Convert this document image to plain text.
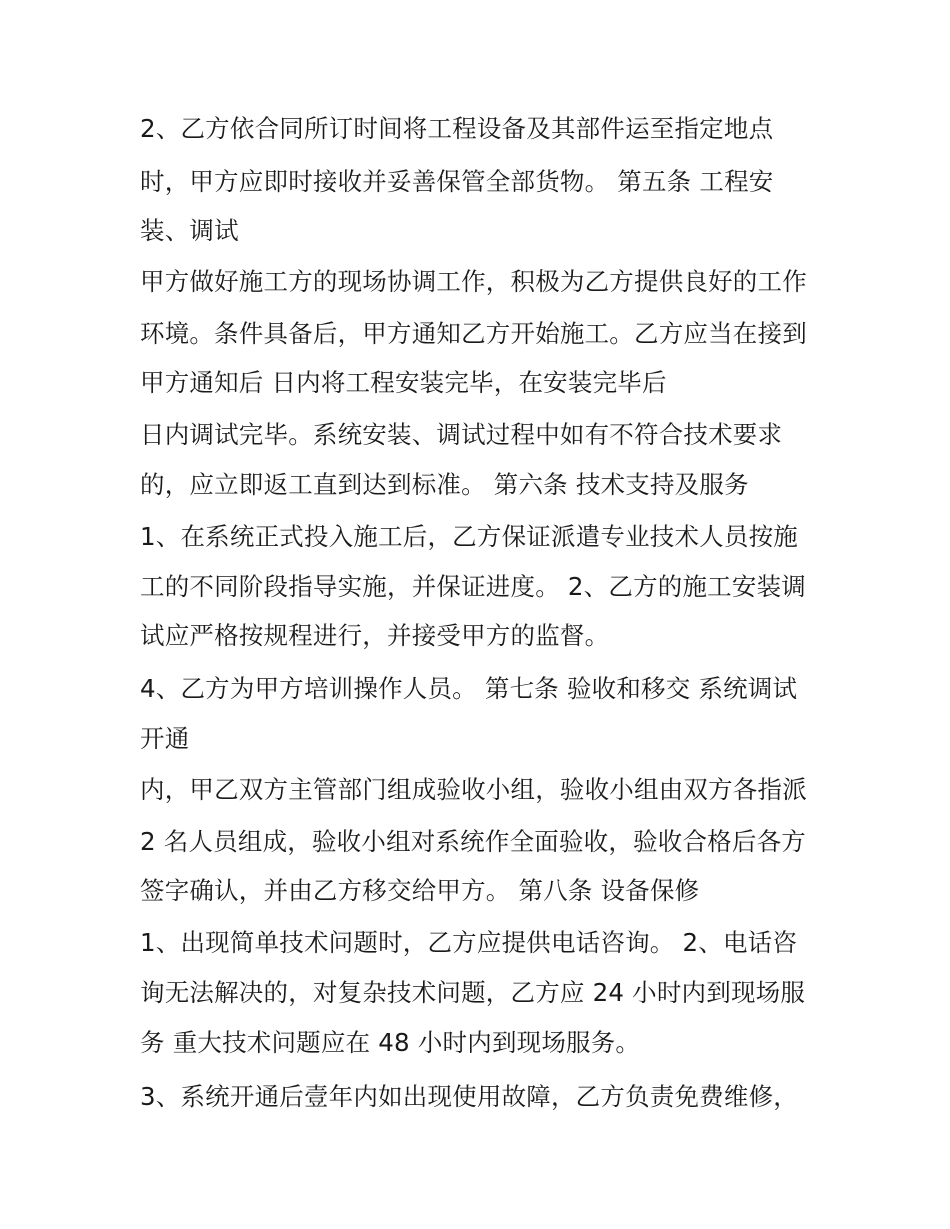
2、乙方依合同所订时间将工程设备及其部件运至指定地点
时，甲方应即时接收并妥善保管全部货物。 第五条 工程安
装、调试
甲方做好施工方的现场协调工作，积极为乙方提供良好的工作
环境。条件具备后，甲方通知乙方开始施工。乙方应当在接到
甲方通知后 日内将工程安装完毕，在安装完毕后
日内调试完毕。系统安装、调试过程中如有不符合技术要求
的，应立即返工直到达到标准。 第六条 技术支持及服务
1、在系统正式投入施工后，乙方保证派遣专业技术人员按施
工的不同阶段指导实施，并保证进度。 2、乙方的施工安装调
试应严格按规程进行，并接受甲方的监督。
4、乙方为甲方培训操作人员。 第七条 验收和移交 系统调试
开通
内，甲乙双方主管部门组成验收小组，验收小组由双方各指派
2 名人员组成，验收小组对系统作全面验收，验收合格后各方
签字确认，并由乙方移交给甲方。 第八条 设备保修
1、出现简单技术问题时，乙方应提供电话咨询。 2、电话咨
询无法解决的，对复杂技术问题，乙方应 24 小时内到现场服
务 重大技术问题应在 48 小时内到现场服务。
3、系统开通后壹年内如出现使用故障，乙方负责免费维修，
